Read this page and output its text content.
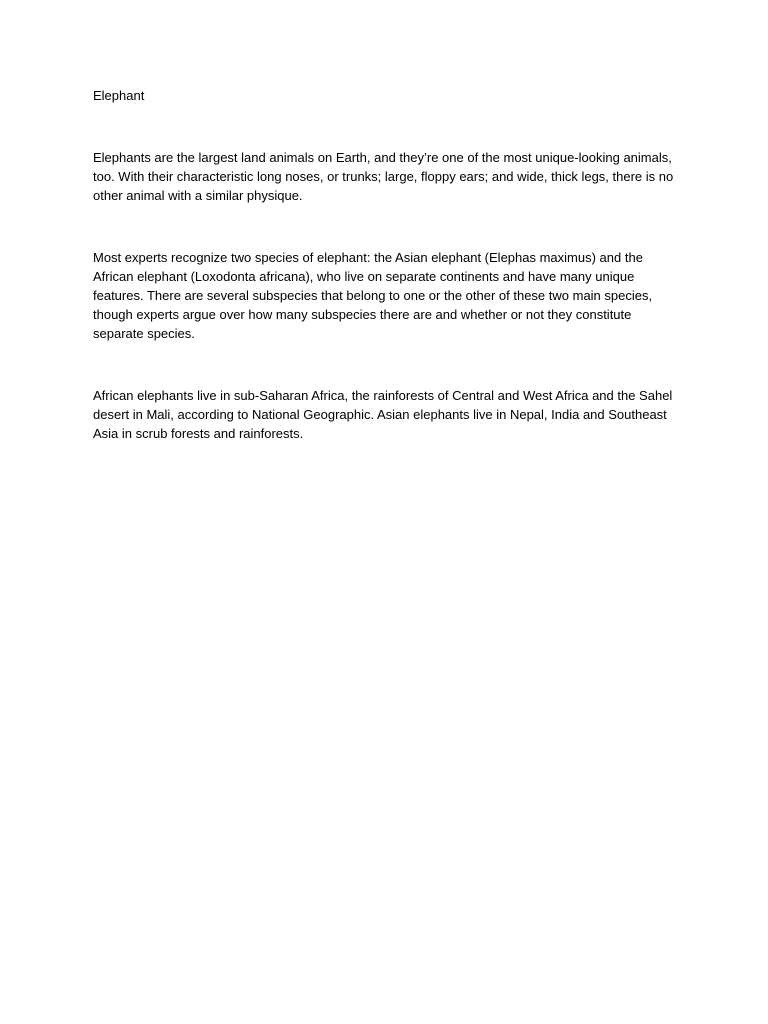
Elephant

Elephants are the largest land animals on Earth, and they’re one of the most unique-looking animals, too. With their characteristic long noses, or trunks; large, floppy ears; and wide, thick legs, there is no other animal with a similar physique.

Most experts recognize two species of elephant: the Asian elephant (Elephas maximus) and the African elephant (Loxodonta africana), who live on separate continents and have many unique features. There are several subspecies that belong to one or the other of these two main species, though experts argue over how many subspecies there are and whether or not they constitute separate species.

African elephants live in sub-Saharan Africa, the rainforests of Central and West Africa and the Sahel desert in Mali, according to National Geographic. Asian elephants live in Nepal, India and Southeast Asia in scrub forests and rainforests.
